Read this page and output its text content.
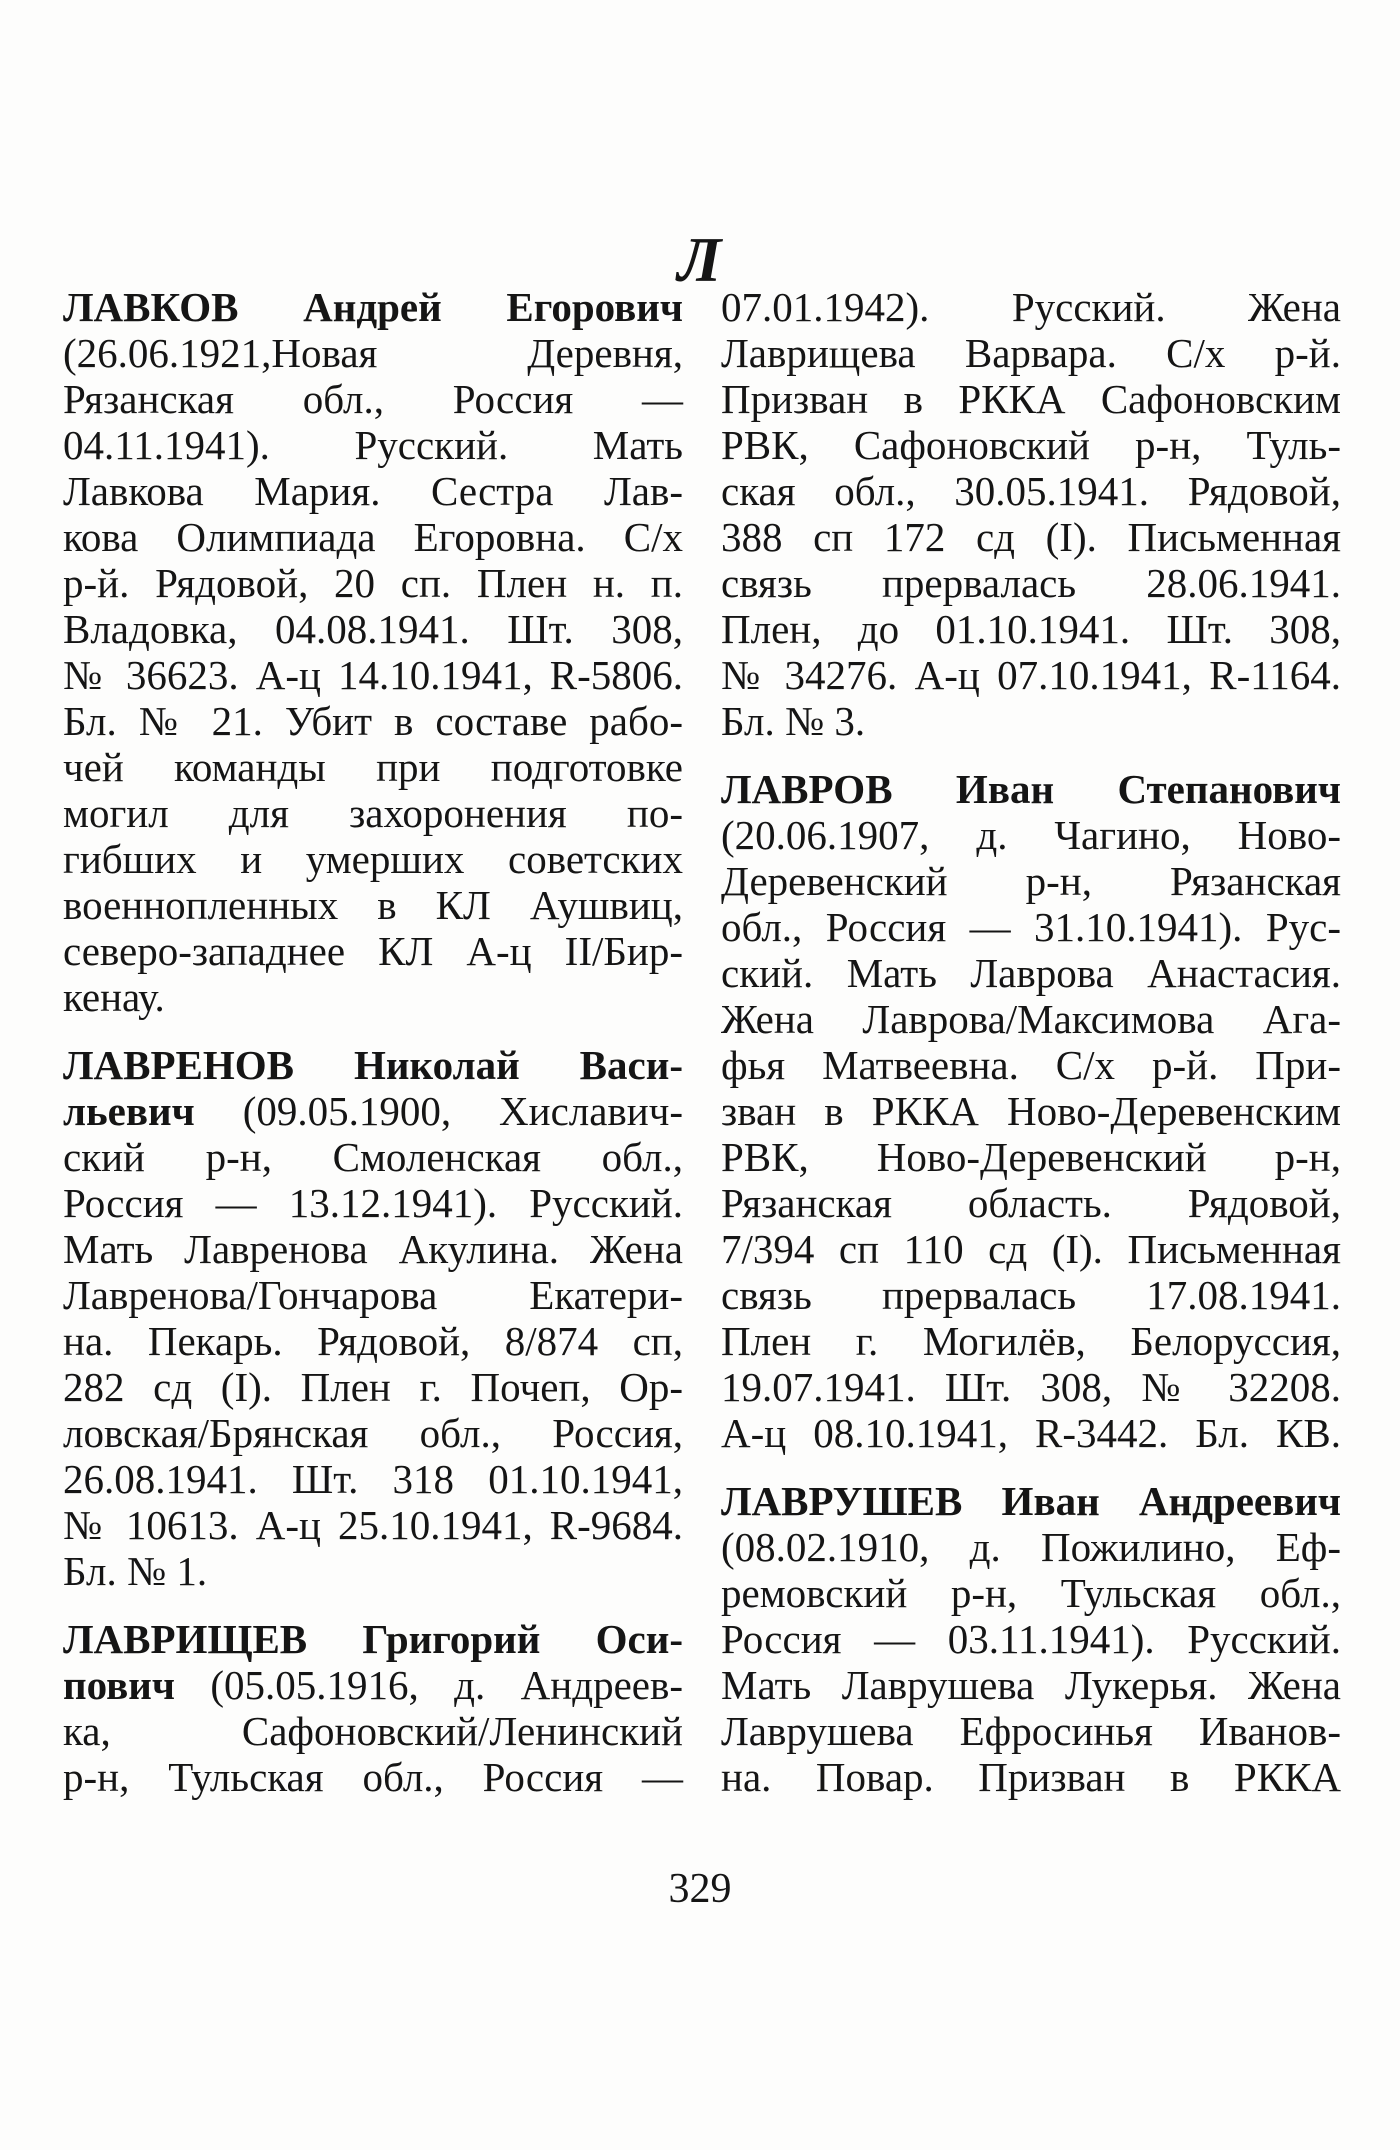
Л
ЛАВКОВ Андрей Егорович
(26.06.1921,Новая Деревня,
Рязанская обл., Россия —
04.11.1941). Русский. Мать
Лавкова Мария. Сестра Лав-
кова Олимпиада Егоровна. С/х
р-й. Рядовой, 20 сп. Плен н. п.
Владовка, 04.08.1941. Шт. 308,
№ 36623. А-ц 14.10.1941, R-5806.
Бл. № 21. Убит в составе рабо-
чей команды при подготовке
могил для захоронения по-
гибших и умерших советских
военнопленных в КЛ Аушвиц,
северо-западнее КЛ А-ц II/Бир-
кенау.
ЛАВРЕНОВ Николай Васи-
льевич (09.05.1900, Хиславич-
ский р-н, Смоленская обл.,
Россия — 13.12.1941). Русский.
Мать Лавренова Акулина. Жена
Лавренова/Гончарова Екатери-
на. Пекарь. Рядовой, 8/874 сп,
282 сд (I). Плен г. Почеп, Ор-
ловская/Брянская обл., Россия,
26.08.1941. Шт. 318 01.10.1941,
№ 10613. А-ц 25.10.1941, R-9684.
Бл. № 1.
ЛАВРИЩЕВ Григорий Оси-
пович (05.05.1916, д. Андреев-
ка, Сафоновский/Ленинский
р-н, Тульская обл., Россия —
07.01.1942). Русский. Жена
Лаврищева Варвара. С/х р-й.
Призван в РККА Сафоновским
РВК, Сафоновский р-н, Туль-
ская обл., 30.05.1941. Рядовой,
388 сп 172 сд (I). Письменная
связь прервалась 28.06.1941.
Плен, до 01.10.1941. Шт. 308,
№ 34276. А-ц 07.10.1941, R-1164.
Бл. № 3.
ЛАВРОВ Иван Степанович
(20.06.1907, д. Чагино, Ново-
Деревенский р-н, Рязанская
обл., Россия — 31.10.1941). Рус-
ский. Мать Лаврова Анастасия.
Жена Лаврова/Максимова Ага-
фья Матвеевна. С/х р-й. При-
зван в РККА Ново-Деревенским
РВК, Ново-Деревенский р-н,
Рязанская область. Рядовой,
7/394 сп 110 сд (I). Письменная
связь прервалась 17.08.1941.
Плен г. Могилёв, Белоруссия,
19.07.1941. Шт. 308, № 32208.
А-ц 08.10.1941, R-3442. Бл. КВ.
ЛАВРУШЕВ Иван Андреевич
(08.02.1910, д. Пожилино, Еф-
ремовский р-н, Тульская обл.,
Россия — 03.11.1941). Русский.
Мать Лаврушева Лукерья. Жена
Лаврушева Ефросинья Иванов-
на. Повар. Призван в РККА
329
